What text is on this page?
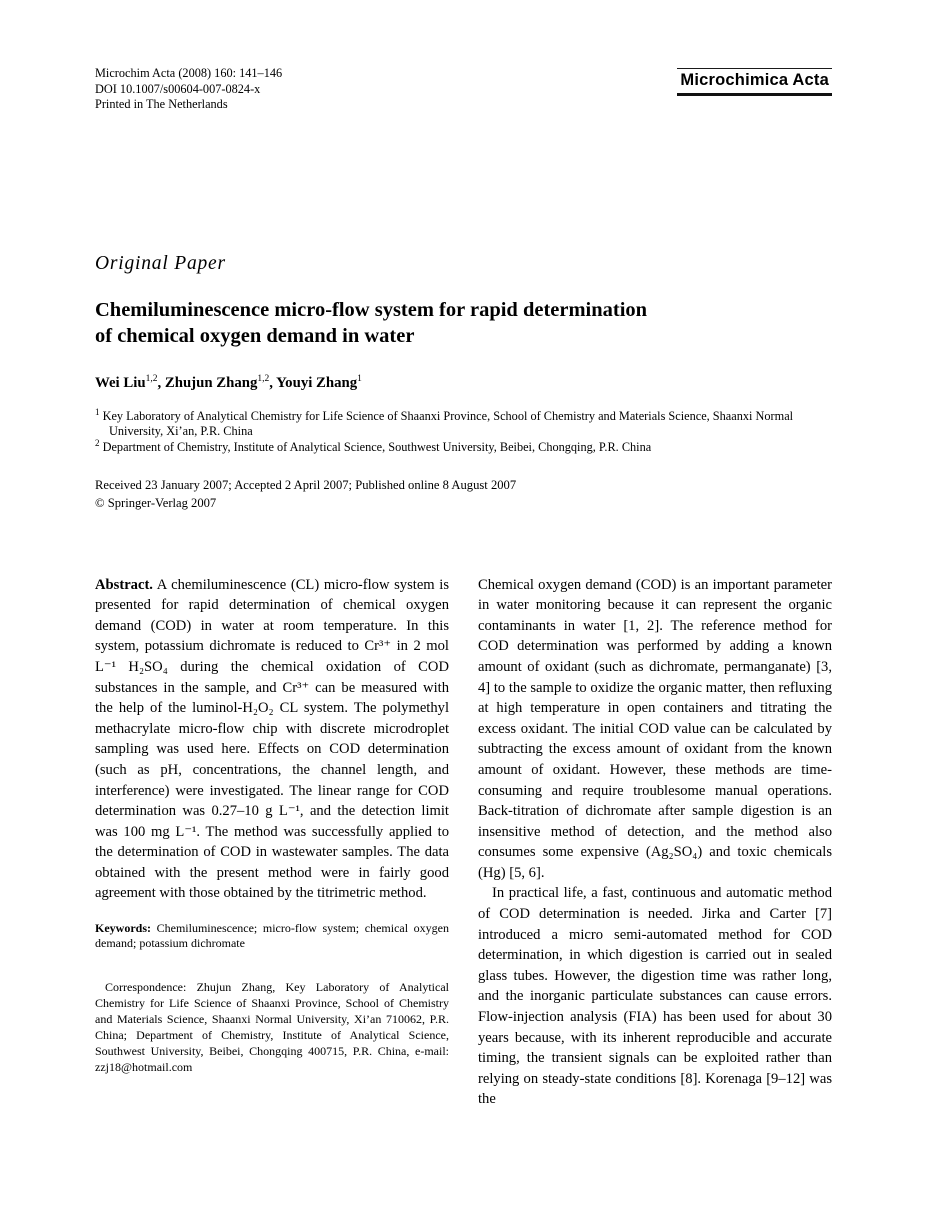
Microchim Acta (2008) 160: 141–146
DOI 10.1007/s00604-007-0824-x
Printed in The Netherlands
Microchimica Acta
Original Paper
Chemiluminescence micro-flow system for rapid determination
of chemical oxygen demand in water
Wei Liu$^{1,2}$, Zhujun Zhang$^{1,2}$, Youyi Zhang$^1$
$^1$ Key Laboratory of Analytical Chemistry for Life Science of Shaanxi Province, School of Chemistry and Materials Science, Shaanxi Normal University, Xi’an, P.R. China
$^2$ Department of Chemistry, Institute of Analytical Science, Southwest University, Beibei, Chongqing, P.R. China
Received 23 January 2007; Accepted 2 April 2007; Published online 8 August 2007
© Springer-Verlag 2007

Abstract. A chemiluminescence (CL) micro-flow system is presented for rapid determination of chemical oxygen demand (COD) in water at room temperature. In this system, potassium dichromate is reduced to Cr³⁺ in 2 mol L⁻¹ H₂SO₄ during the chemical oxidation of COD substances in the sample, and Cr³⁺ can be measured with the help of the luminol-H₂O₂ CL system. The polymethyl methacrylate micro-flow chip with discrete microdroplet sampling was used here. Effects on COD determination (such as pH, concentrations, the channel length, and interference) were investigated. The linear range for COD determination was 0.27–10 g L⁻¹, and the detection limit was 100 mg L⁻¹. The method was successfully applied to the determination of COD in wastewater samples. The data obtained with the present method were in fairly good agreement with those obtained by the titrimetric method.

Keywords: Chemiluminescence; micro-flow system; chemical oxygen demand; potassium dichromate

Correspondence: Zhujun Zhang, Key Laboratory of Analytical Chemistry for Life Science of Shaanxi Province, School of Chemistry and Materials Science, Shaanxi Normal University, Xi’an 710062, P.R. China; Department of Chemistry, Institute of Analytical Science, Southwest University, Beibei, Chongqing 400715, P.R. China, e-mail: zzj18@hotmail.com

Chemical oxygen demand (COD) is an important parameter in water monitoring because it can represent the organic contaminants in water [1, 2]. The reference method for COD determination was performed by adding a known amount of oxidant (such as dichromate, permanganate) [3, 4] to the sample to oxidize the organic matter, then refluxing at high temperature in open containers and titrating the excess oxidant. The initial COD value can be calculated by subtracting the excess amount of oxidant from the known amount of oxidant. However, these methods are time-consuming and require troublesome manual operations. Back-titration of dichromate after sample digestion is an insensitive method of detection, and the method also consumes some expensive (Ag₂SO₄) and toxic chemicals (Hg) [5, 6].

In practical life, a fast, continuous and automatic method of COD determination is needed. Jirka and Carter [7] introduced a micro semi-automated method for COD determination, in which digestion is carried out in sealed glass tubes. However, the digestion time was rather long, and the inorganic particulate substances can cause errors. Flow-injection analysis (FIA) has been used for about 30 years because, with its inherent reproducible and accurate timing, the transient signals can be exploited rather than relying on steady-state conditions [8]. Korenaga [9–12] was the
